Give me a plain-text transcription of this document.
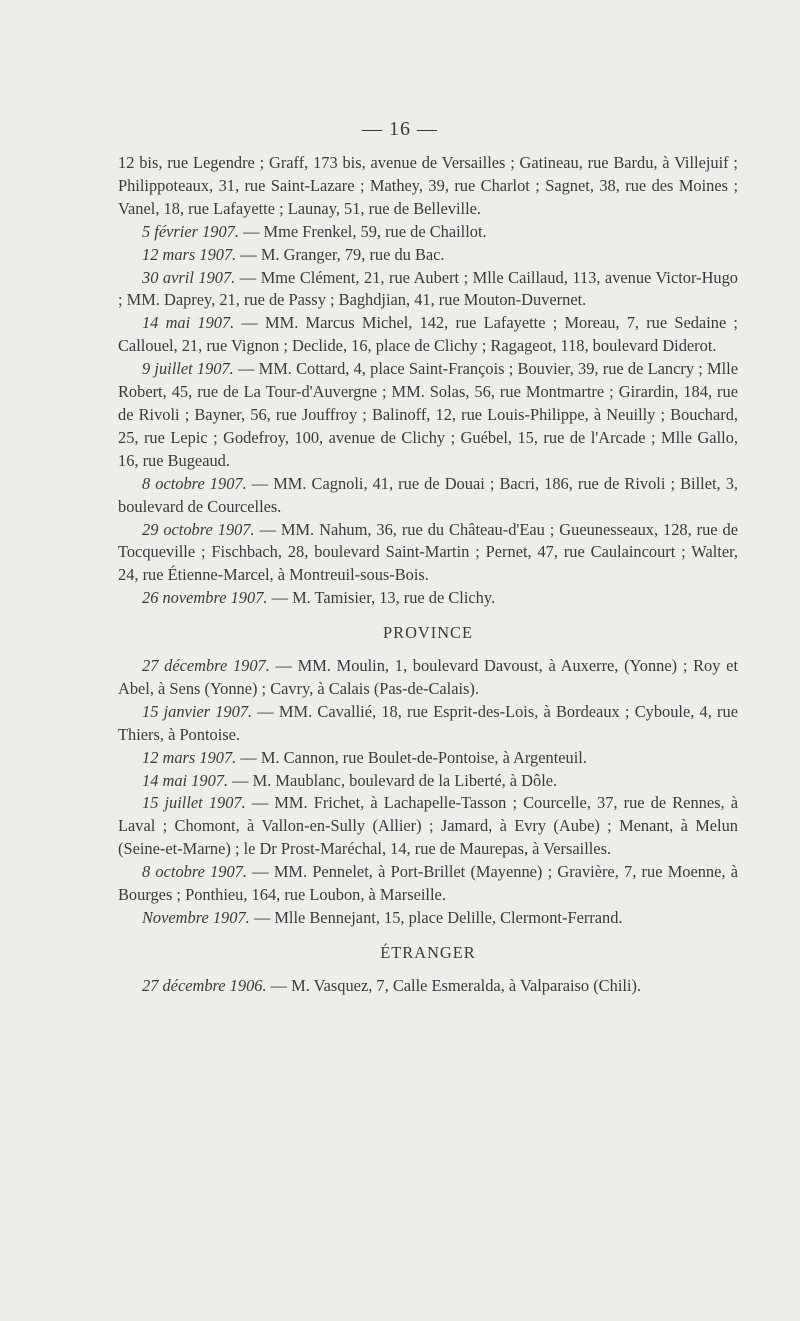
— 16 —

12 bis, rue Legendre ; Graff, 173 bis, avenue de Versailles ; Gatineau, rue Bardu, à Villejuif ; Philippoteaux, 31, rue Saint-Lazare ; Mathey, 39, rue Charlot ; Sagnet, 38, rue des Moines ; Vanel, 18, rue Lafayette ; Launay, 51, rue de Belleville.

5 février 1907. — Mme Frenkel, 59, rue de Chaillot.

12 mars 1907. — M. Granger, 79, rue du Bac.

30 avril 1907. — Mme Clément, 21, rue Aubert ; Mlle Caillaud, 113, avenue Victor-Hugo ; MM. Daprey, 21, rue de Passy ; Baghdjian, 41, rue Mouton-Duvernet.

14 mai 1907. — MM. Marcus Michel, 142, rue Lafayette ; Moreau, 7, rue Sedaine ; Callouel, 21, rue Vignon ; Declide, 16, place de Clichy ; Ragageot, 118, boulevard Diderot.

9 juillet 1907. — MM. Cottard, 4, place Saint-François ; Bouvier, 39, rue de Lancry ; Mlle Robert, 45, rue de La Tour-d'Auvergne ; MM. Solas, 56, rue Montmartre ; Girardin, 184, rue de Rivoli ; Bayner, 56, rue Jouffroy ; Balinoff, 12, rue Louis-Philippe, à Neuilly ; Bouchard, 25, rue Lepic ; Godefroy, 100, avenue de Clichy ; Guébel, 15, rue de l'Arcade ; Mlle Gallo, 16, rue Bugeaud.

8 octobre 1907. — MM. Cagnoli, 41, rue de Douai ; Bacri, 186, rue de Rivoli ; Billet, 3, boulevard de Courcelles.

29 octobre 1907. — MM. Nahum, 36, rue du Château-d'Eau ; Gueunesseaux, 128, rue de Tocqueville ; Fischbach, 28, boulevard Saint-Martin ; Pernet, 47, rue Caulaincourt ; Walter, 24, rue Étienne-Marcel, à Montreuil-sous-Bois.

26 novembre 1907. — M. Tamisier, 13, rue de Clichy.

PROVINCE

27 décembre 1907. — MM. Moulin, 1, boulevard Davoust, à Auxerre, (Yonne) ; Roy et Abel, à Sens (Yonne) ; Cavry, à Calais (Pas-de-Calais).

15 janvier 1907. — MM. Cavallié, 18, rue Esprit-des-Lois, à Bordeaux ; Cyboule, 4, rue Thiers, à Pontoise.

12 mars 1907. — M. Cannon, rue Boulet-de-Pontoise, à Argenteuil.

14 mai 1907. — M. Maublanc, boulevard de la Liberté, à Dôle.

15 juillet 1907. — MM. Frichet, à Lachapelle-Tasson ; Courcelle, 37, rue de Rennes, à Laval ; Chomont, à Vallon-en-Sully (Allier) ; Jamard, à Evry (Aube) ; Menant, à Melun (Seine-et-Marne) ; le Dr Prost-Maréchal, 14, rue de Maurepas, à Versailles.

8 octobre 1907. — MM. Pennelet, à Port-Brillet (Mayenne) ; Gravière, 7, rue Moenne, à Bourges ; Ponthieu, 164, rue Loubon, à Marseille.

Novembre 1907. — Mlle Bennejant, 15, place Delille, Clermont-Ferrand.

ÉTRANGER

27 décembre 1906. — M. Vasquez, 7, Calle Esmeralda, à Valparaiso (Chili).
